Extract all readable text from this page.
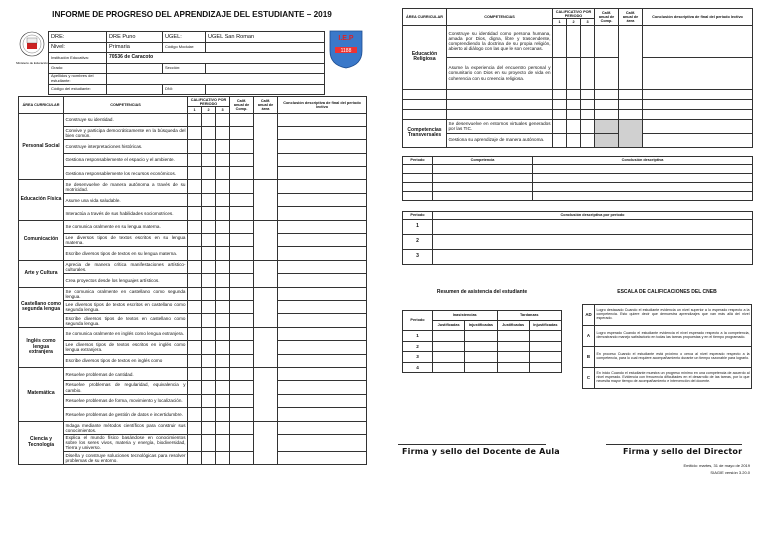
INFORME DE PROGRESO DEL APRENDIZAJE DEL ESTUDIANTE – 2019
Ministerio de Educación
DRE:	DRE Puno	UGEL:	UGEL San Roman
Nivel:	Primaria	Código Modular:	
Institución Educativa:	70536 de Caracoto		
Grado:		Sección:	
Apellidos y nombres del estudiante:			
Código del estudiante:		DNI:	
I.E.P
1188
ÁREA CURRICULAR	COMPETENCIAS	CALIFICATIVO POR PERIODO			Calif. anual de Comp.	Calif. anual de área	Conclusión descriptiva de final del periodo lectivo
		1	2	3			
Personal Social	Construye su identidad.						
	Convive y participa democráticamente en la búsqueda del bien común.						
	Construye interpretaciones históricas.						
	Gestiona responsablemente el espacio y el ambiente.						
	Gestiona responsablemente los recursos económicos.						
Educación Física	Se desenvuelve de manera autónoma a través de su motricidad.						
	Asume una vida saludable.						
	Interactúa a través de sus habilidades sociomotrices.						
Comunicación	Se comunica oralmente en su lengua materna.						
	Lee diversos tipos de textos escritos en su lengua materna.						
	Escribe diversos tipos de textos en su lengua materna.						
Arte y Cultura	Aprecia de manera crítica manifestaciones artístico-culturales.						
	Crea proyectos desde los lenguajes artísticos.						
Castellano como segunda lengua	Se comunica oralmente en castellano como segunda lengua.						
	Lee diversos tipos de textos escritos en castellano como segunda lengua.						
	Escribe diversos tipos de textos en castellano como segunda lengua.						
Inglés como lengua extranjera	Se comunica oralmente en inglés como lengua extranjera.						
	Lee diversos tipos de textos escritos en inglés como lengua extranjera.						
	Escribe diversos tipos de textos en inglés como						
Matemática	Resuelve problemas de cantidad.						
	Resuelve problemas de regularidad, equivalencia y cambio.						
	Resuelve problemas de forma, movimiento y localización.						
	Resuelve problemas de gestión de datos e incertidumbre.						
Ciencia y Tecnología	Indaga mediante métodos científicos para construir sus conocimientos.						
	Explica el mundo físico basándose en conocimientos sobre los seres vivos, materia y energía, biodiversidad, Tierra y universo.						
	Diseña y construye soluciones tecnológicas para resolver problemas de su entorno.						
ÁREA CURRICULAR	COMPETENCIAS	CALIFICATIVO POR PERIODO			Calif. anual de Comp.	Calif. anual de área	Conclusión descriptiva de final del periodo lectivo
		1	2	3			
Educación Religiosa	Construye su identidad como persona humana, amada por Dios, digna, libre y trascendente, comprendiendo la doctrina de su propia religión, abierto al diálogo con las que le son cercanas.						
	Asume la experiencia del encuentro personal y comunitario con Dios en su proyecto de vida en coherencia con su creencia religiosa.						

Competencias Transversales	Se desenvuelve en entornos virtuales generados por las TIC.						
	Gestiona su aprendizaje de manera autónoma.						
Periodo	Competencia	Conclusión descriptiva

Periodo	Conclusión descriptiva por periodo
1	
2	
3	
Resumen de asistencia del estudiante
Periodo	Inasistencias		Tardanzas	
	Justificadas	Injustificadas	Justificadas	Injustificadas
1				
2				
3				
4				
ESCALA DE CALIFICACIONES DEL CNEB
AD	Logro destacado Cuando el estudiante evidencia un nivel superior a lo esperado respecto a la competencia. Esto quiere decir que demuestra aprendizajes que van más allá del nivel esperado.
A	Logro esperado Cuando el estudiante evidencia el nivel esperado respecto a la competencia, demostrando manejo satisfactorio en todas las tareas propuestas y en el tiempo programado.
B	En proceso Cuando el estudiante está próximo o cerca al nivel esperado respecto a la competencia, para lo cual requiere acompañamiento durante un tiempo razonable para lograrlo.
C	En inicio Cuando el estudiante muestra un progreso mínimo en una competencia de acuerdo al nivel esperado. Evidencia con frecuencia dificultades en el desarrollo de las tareas, por lo que necesita mayor tiempo de acompañamiento e intervención del docente.
Firma y sello del Docente de Aula	Firma y sello del Director
Emitido: martes, 31 de mayo de 2019
SIAGIE versión 3.20.0
